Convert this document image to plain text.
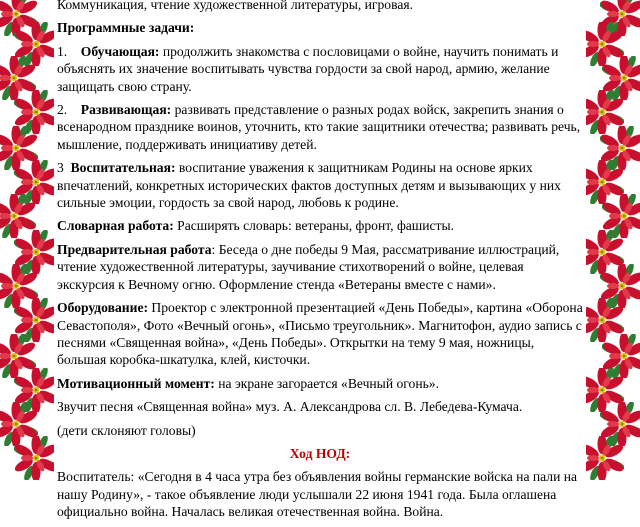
Коммуникация, чтение художественной литературы, игровая.

Программные задачи:

1. Обучающая: продолжить знакомства с пословицами о войне, научить понимать и объяснять их значение воспитывать чувства гордости за свой народ, армию, желание защищать свою страну.

2. Развивающая: развивать представление о разных родах войск, закрепить знания о всенародном празднике воинов, уточнить, кто такие защитники отечества; развивать речь, мышление, поддерживать инициативу детей.

3 Воспитательная: воспитание уважения к защитникам Родины на основе ярких впечатлений, конкретных исторических фактов доступных детям и вызывающих у них сильные эмоции, гордость за свой народ, любовь к родине.

Словарная работа: Расширять словарь: ветераны, фронт, фашисты.

Предварительная работа: Беседа о дне победы 9 Мая, рассматривание иллюстраций, чтение художественной литературы, заучивание стихотворений о войне, целевая экскурсия к Вечному огню. Оформление стенда «Ветераны вместе с нами».

Оборудование: Проектор с электронной презентацией «День Победы», картина «Оборона Севастополя», Фото «Вечный огонь», «Письмо треугольник». Магнитофон, аудио запись с песнями «Священная война», «День Победы». Открытки на тему 9 мая, ножницы, большая коробка-шкатулка, клей, кисточки.

Мотивационный момент: на экране загорается «Вечный огонь».

Звучит песня «Священная война» муз. А. Александрова сл. В. Лебедева-Кумача.

(дети склоняют головы)

Ход НОД:

Воспитатель: «Сегодня в 4 часа утра без объявления войны германские войска на пали на нашу Родину», - такое объявление люди услышали 22 июня 1941 года. Была оглашена официально война. Началась великая отечественная война. Война.
